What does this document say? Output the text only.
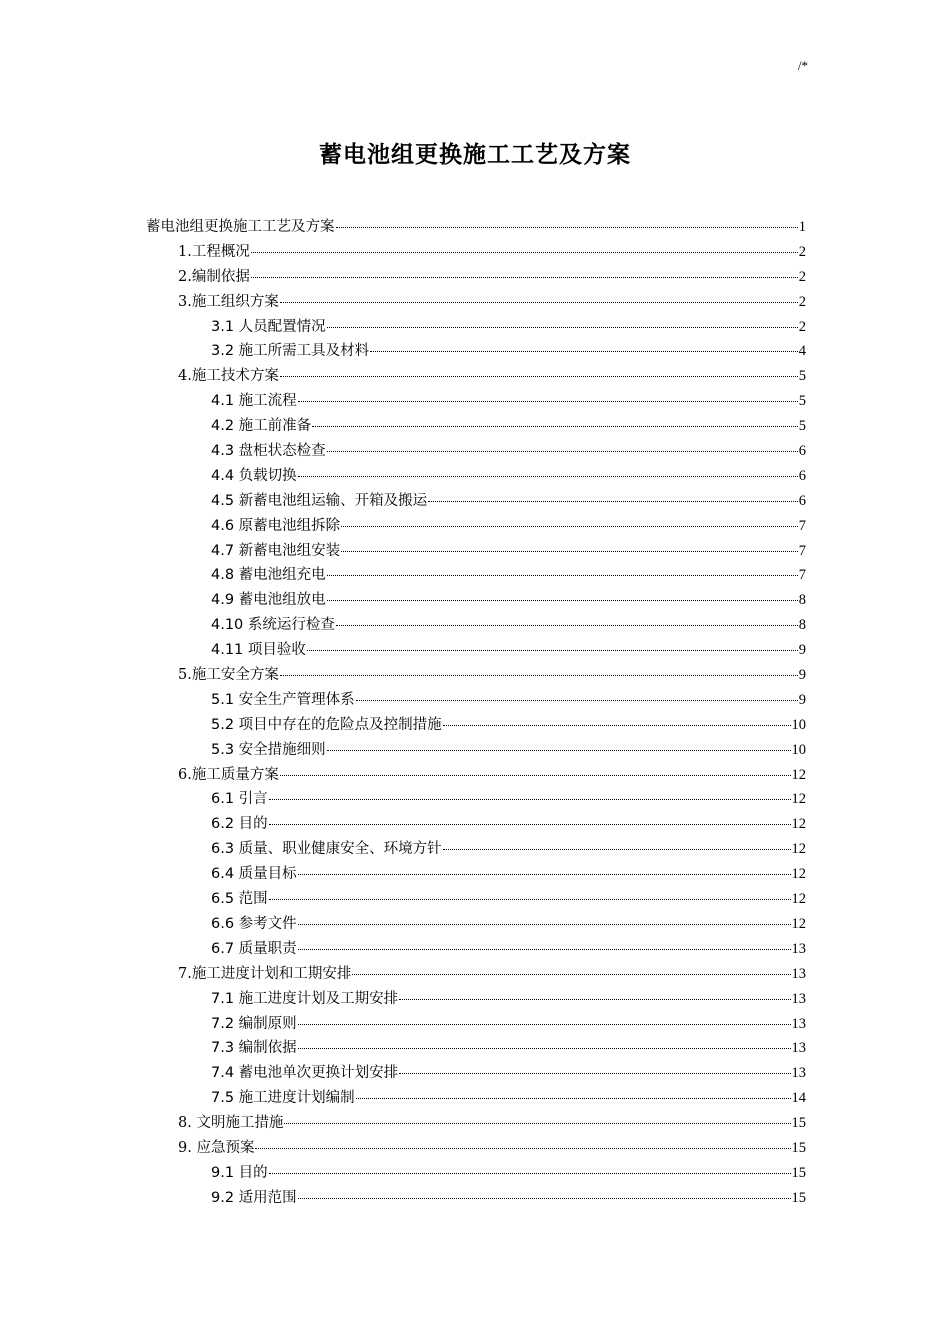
/*
蓄电池组更换施工工艺及方案
蓄电池组更换施工工艺及方案	1
1.工程概况	2
2.编制依据	2
3.施工组织方案	2
3.1 人员配置情况	2
3.2 施工所需工具及材料	4
4.施工技术方案	5
4.1 施工流程	5
4.2 施工前准备	5
4.3 盘柜状态检查	6
4.4 负载切换	6
4.5 新蓄电池组运输、开箱及搬运	6
4.6 原蓄电池组拆除	7
4.7 新蓄电池组安装	7
4.8 蓄电池组充电	7
4.9 蓄电池组放电	8
4.10 系统运行检查	8
4.11 项目验收	9
5.施工安全方案	9
5.1 安全生产管理体系	9
5.2 项目中存在的危险点及控制措施	10
5.3 安全措施细则	10
6.施工质量方案	12
6.1 引言	12
6.2 目的	12
6.3 质量、职业健康安全、环境方针	12
6.4 质量目标	12
6.5 范围	12
6.6 参考文件	12
6.7 质量职责	13
7.施工进度计划和工期安排	13
7.1 施工进度计划及工期安排	13
7.2 编制原则	13
7.3 编制依据	13
7.4 蓄电池单次更换计划安排	13
7.5 施工进度计划编制	14
8. 文明施工措施	15
9. 应急预案	15
9.1 目的	15
9.2 适用范围	15
